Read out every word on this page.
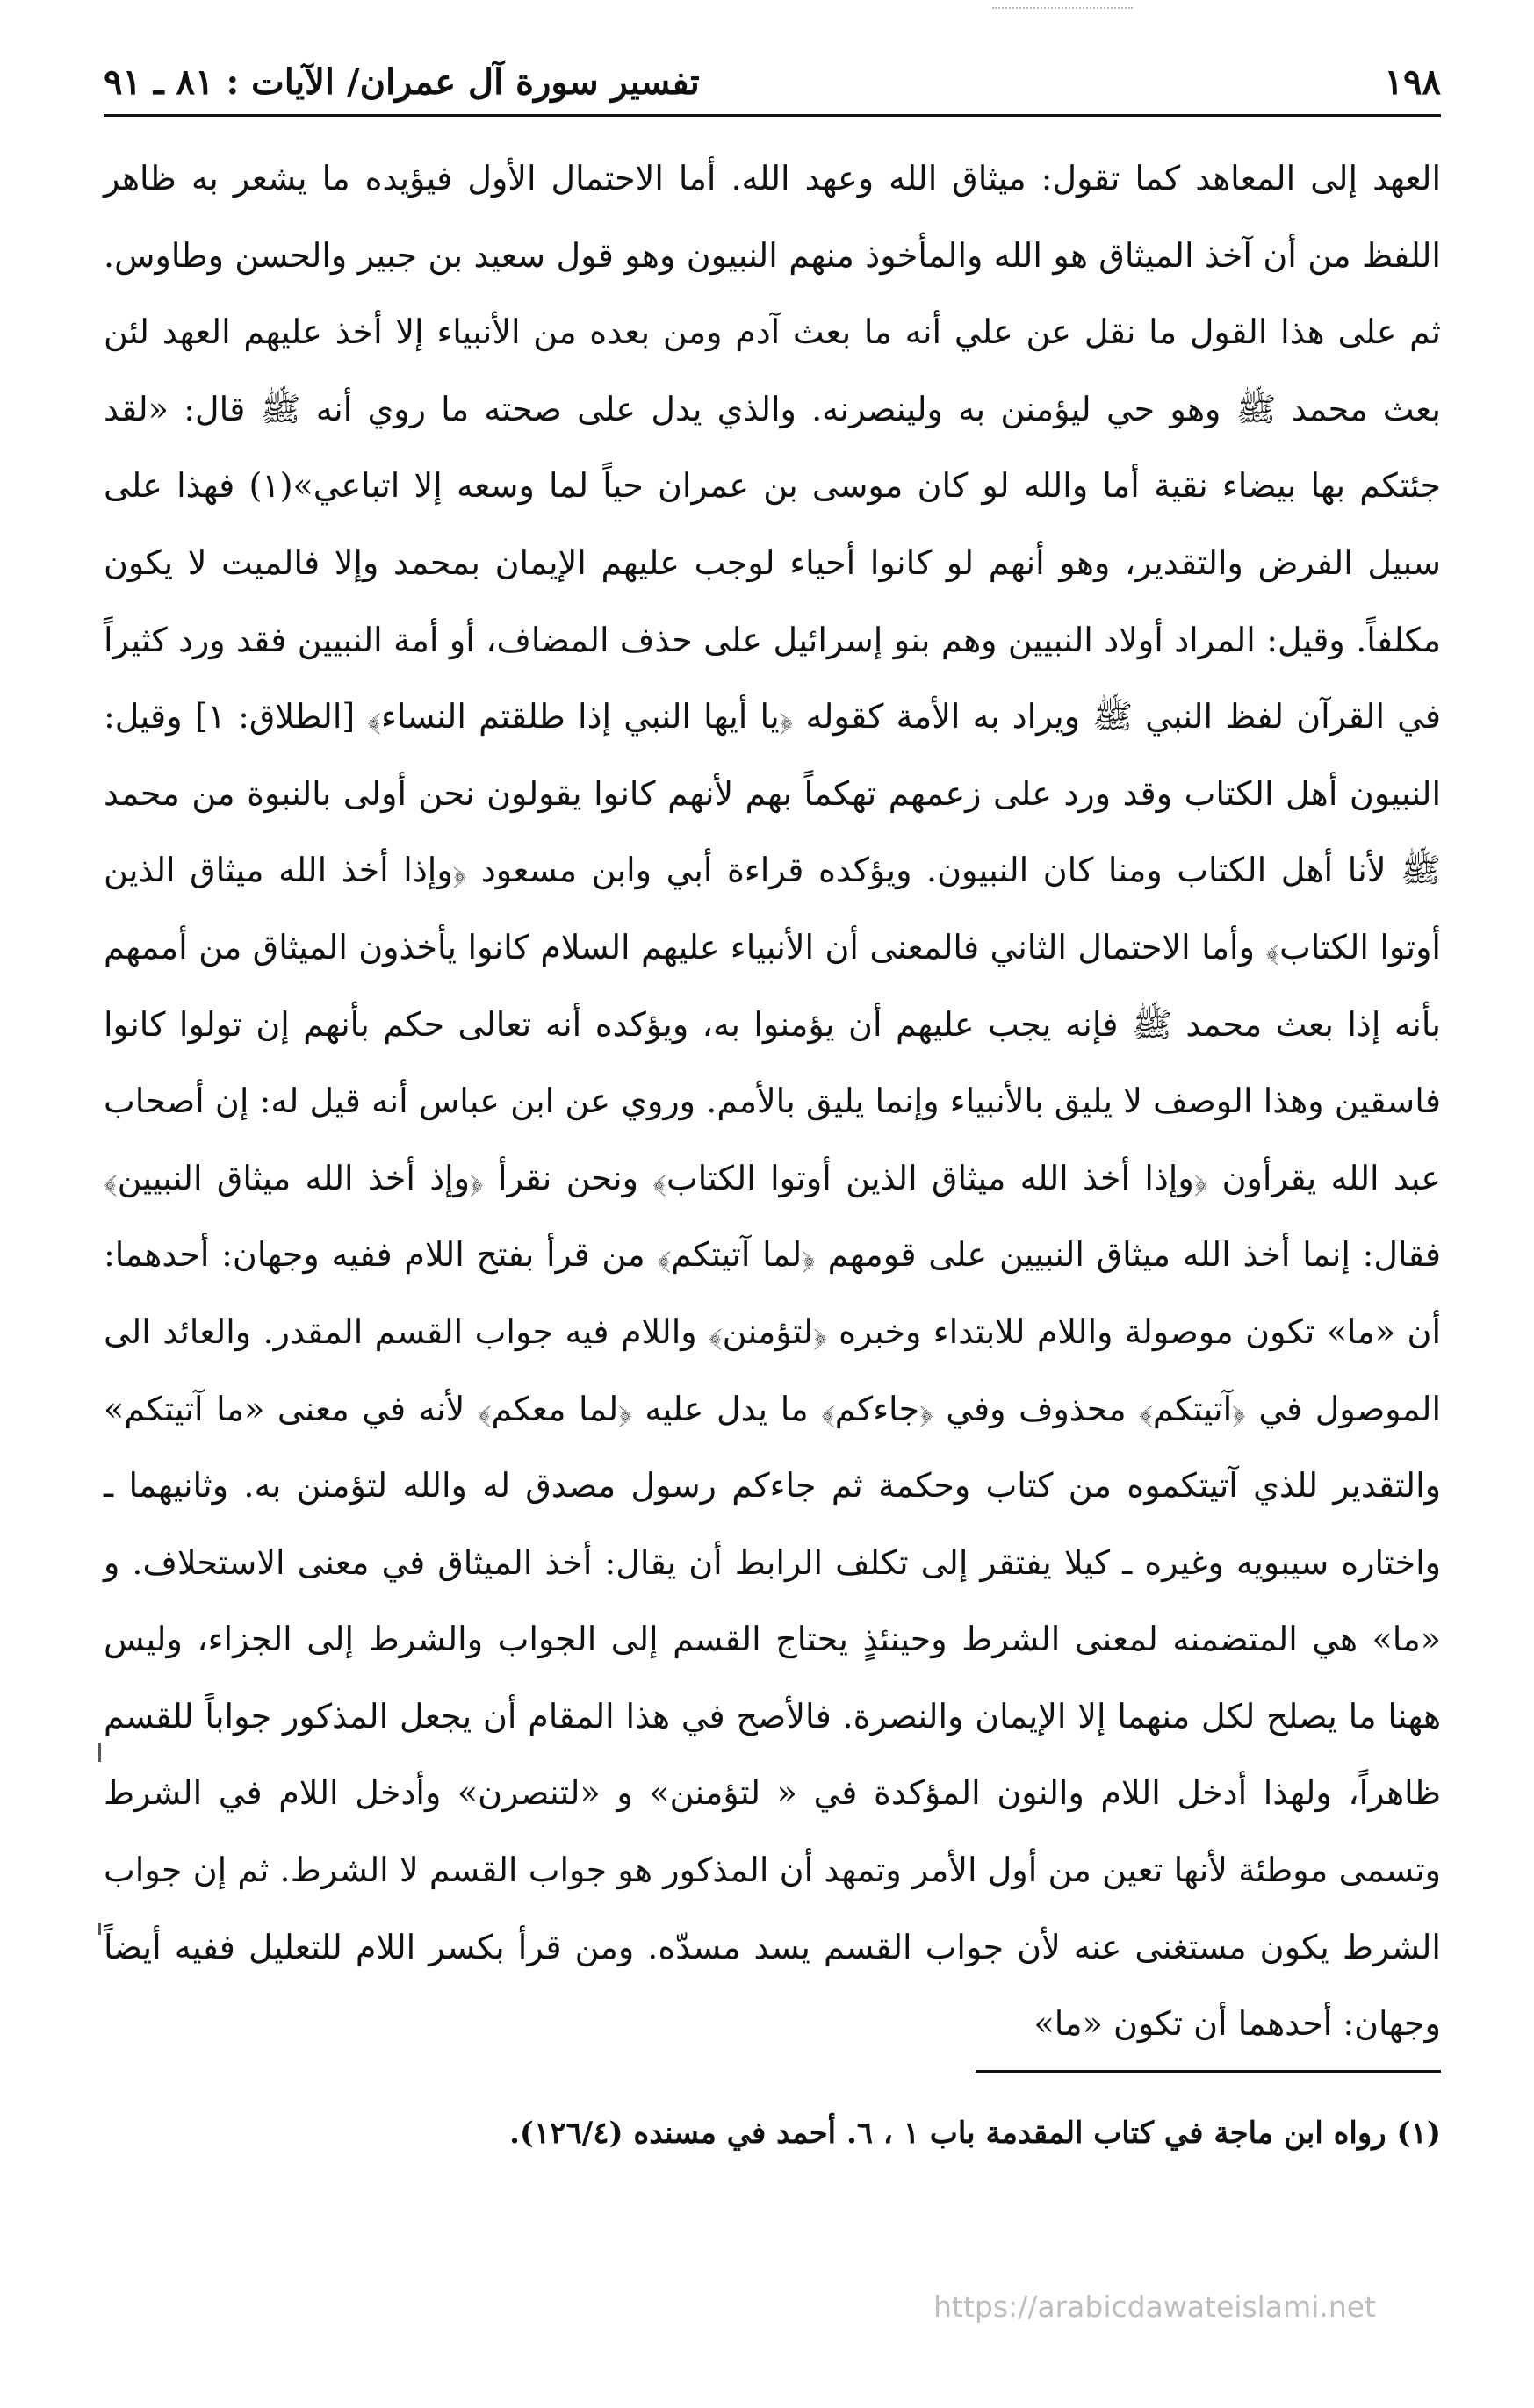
١٩٨
تفسير سورة آل عمران/ الآيات : ٨١ ـ ٩١

العهد إلى المعاهد كما تقول: ميثاق الله وعهد الله. أما الاحتمال الأول فيؤيده ما يشعر به ظاهر اللفظ من أن آخذ الميثاق هو الله والمأخوذ منهم النبيون وهو قول سعيد بن جبير والحسن وطاوس. ثم على هذا القول ما نقل عن علي أنه ما بعث آدم ومن بعده من الأنبياء إلا أخذ عليهم العهد لئن بعث محمد ﷺ وهو حي ليؤمنن به ولينصرنه. والذي يدل على صحته ما روي أنه ﷺ قال: «لقد جئتكم بها بيضاء نقية أما والله لو كان موسى بن عمران حياً لما وسعه إلا اتباعي»(١) فهذا على سبيل الفرض والتقدير، وهو أنهم لو كانوا أحياء لوجب عليهم الإيمان بمحمد وإلا فالميت لا يكون مكلفاً. وقيل: المراد أولاد النبيين وهم بنو إسرائيل على حذف المضاف، أو أمة النبيين فقد ورد كثيراً في القرآن لفظ النبي ﷺ ويراد به الأمة كقوله ﴿يا أيها النبي إذا طلقتم النساء﴾ [الطلاق: ١] وقيل: النبيون أهل الكتاب وقد ورد على زعمهم تهكماً بهم لأنهم كانوا يقولون نحن أولى بالنبوة من محمد ﷺ لأنا أهل الكتاب ومنا كان النبيون. ويؤكده قراءة أبي وابن مسعود ﴿وإذا أخذ الله ميثاق الذين أوتوا الكتاب﴾ وأما الاحتمال الثاني فالمعنى أن الأنبياء عليهم السلام كانوا يأخذون الميثاق من أممهم بأنه إذا بعث محمد ﷺ فإنه يجب عليهم أن يؤمنوا به، ويؤكده أنه تعالى حكم بأنهم إن تولوا كانوا فاسقين وهذا الوصف لا يليق بالأنبياء وإنما يليق بالأمم. وروي عن ابن عباس أنه قيل له: إن أصحاب عبد الله يقرأون ﴿وإذا أخذ الله ميثاق الذين أوتوا الكتاب﴾ ونحن نقرأ ﴿وإذ أخذ الله ميثاق النبيين﴾ فقال: إنما أخذ الله ميثاق النبيين على قومهم ﴿لما آتيتكم﴾ من قرأ بفتح اللام ففيه وجهان: أحدهما: أن «ما» تكون موصولة واللام للابتداء وخبره ﴿لتؤمنن﴾ واللام فيه جواب القسم المقدر. والعائد الى الموصول في ﴿آتيتكم﴾ محذوف وفي ﴿جاءكم﴾ ما يدل عليه ﴿لما معكم﴾ لأنه في معنى «ما آتيتكم» والتقدير للذي آتيتكموه من كتاب وحكمة ثم جاءكم رسول مصدق له والله لتؤمنن به. وثانيهما ـ واختاره سيبويه وغيره ـ كيلا يفتقر إلى تكلف الرابط أن يقال: أخذ الميثاق في معنى الاستحلاف. و «ما» هي المتضمنه لمعنى الشرط وحينئذٍ يحتاج القسم إلى الجواب والشرط إلى الجزاء، وليس ههنا ما يصلح لكل منهما إلا الإيمان والنصرة. فالأصح في هذا المقام أن يجعل المذكور جواباً للقسم ظاهراً، ولهذا أدخل اللام والنون المؤكدة في « لتؤمنن» و «لتنصرن» وأدخل اللام في الشرط وتسمى موطئة لأنها تعين من أول الأمر وتمهد أن المذكور هو جواب القسم لا الشرط. ثم إن جواب الشرط يكون مستغنى عنه لأن جواب القسم يسد مسدّه. ومن قرأ بكسر اللام للتعليل ففيه أيضاً وجهان: أحدهما أن تكون «ما»

(١) رواه ابن ماجة في كتاب المقدمة باب ١ ، ٦. أحمد في مسنده (١٢٦/٤).
https://arabicdawateislami.net
